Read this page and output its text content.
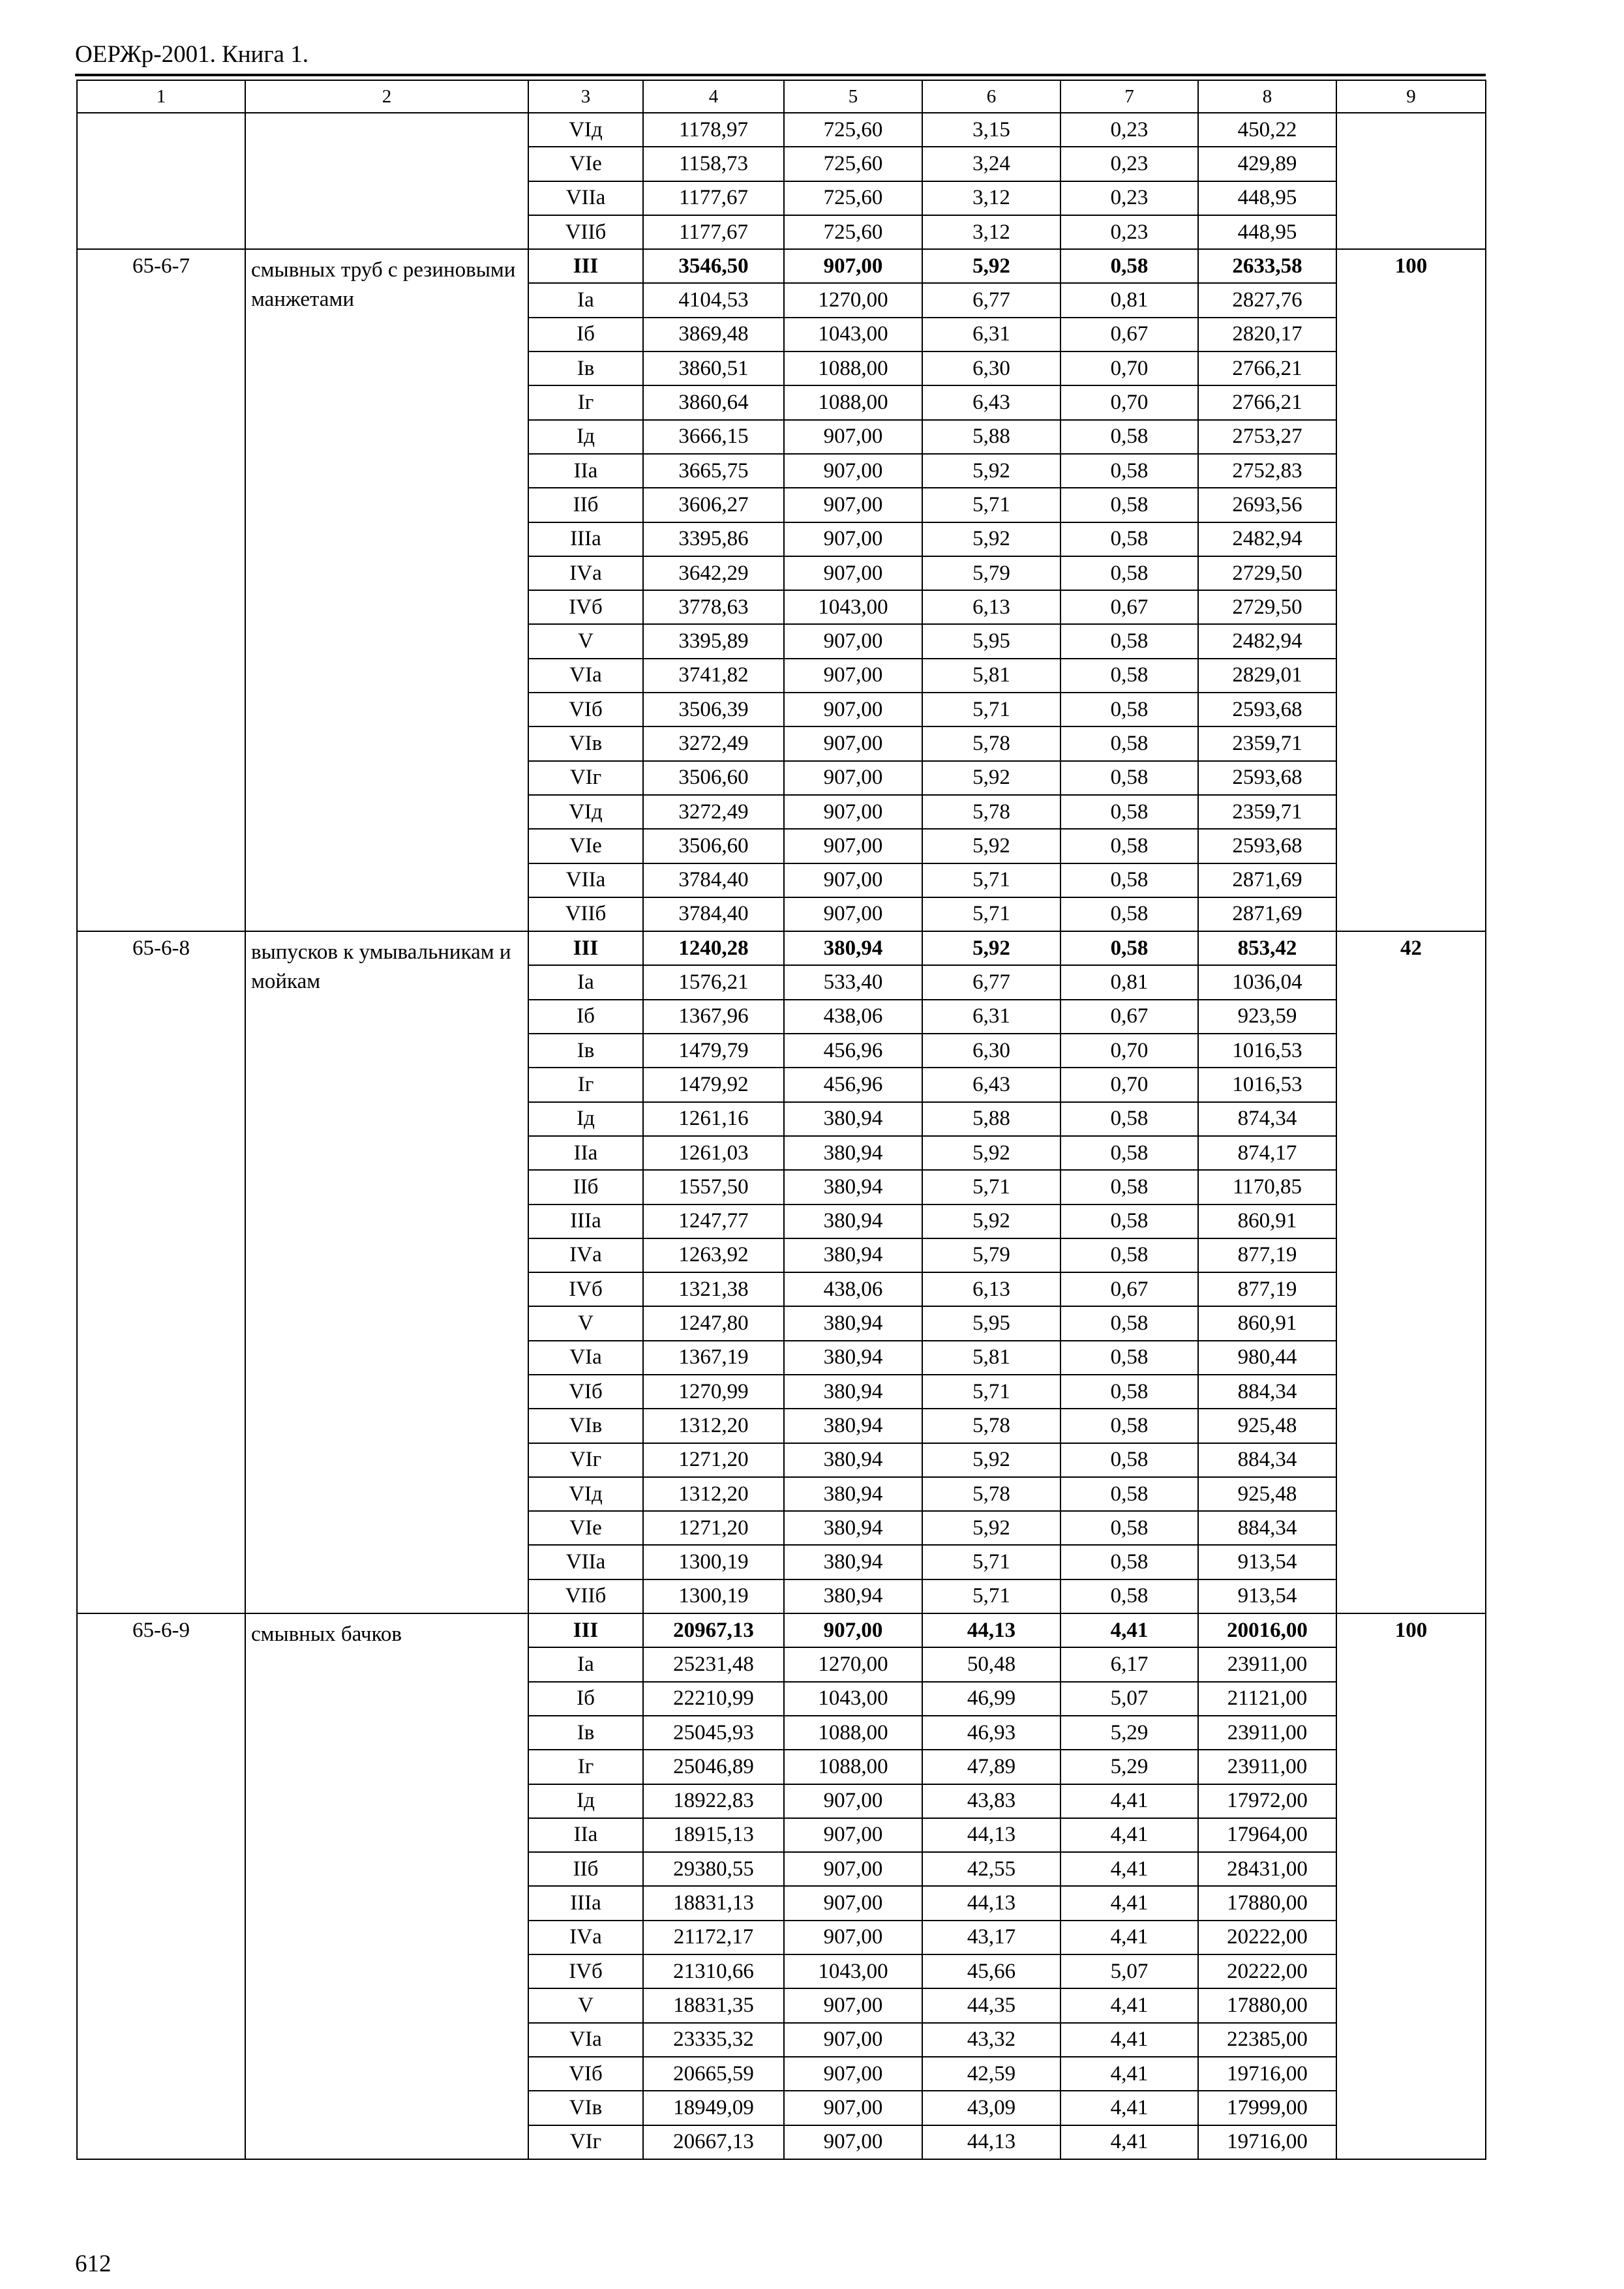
ОЕРЖр-2001. Книга 1.
1	2	3	4	5	6	7	8	9
		VIд	1178,97	725,60	3,15	0,23	450,22	
		VIе	1158,73	725,60	3,24	0,23	429,89	
		VIIа	1177,67	725,60	3,12	0,23	448,95	
		VIIб	1177,67	725,60	3,12	0,23	448,95	
65-6-7	смывных труб с резиновыми манжетами	III	3546,50	907,00	5,92	0,58	2633,58	100
		Iа	4104,53	1270,00	6,77	0,81	2827,76	
		Iб	3869,48	1043,00	6,31	0,67	2820,17	
		Iв	3860,51	1088,00	6,30	0,70	2766,21	
		Iг	3860,64	1088,00	6,43	0,70	2766,21	
		Iд	3666,15	907,00	5,88	0,58	2753,27	
		IIа	3665,75	907,00	5,92	0,58	2752,83	
		IIб	3606,27	907,00	5,71	0,58	2693,56	
		IIIа	3395,86	907,00	5,92	0,58	2482,94	
		IVа	3642,29	907,00	5,79	0,58	2729,50	
		IVб	3778,63	1043,00	6,13	0,67	2729,50	
		V	3395,89	907,00	5,95	0,58	2482,94	
		VIа	3741,82	907,00	5,81	0,58	2829,01	
		VIб	3506,39	907,00	5,71	0,58	2593,68	
		VIв	3272,49	907,00	5,78	0,58	2359,71	
		VIг	3506,60	907,00	5,92	0,58	2593,68	
		VIд	3272,49	907,00	5,78	0,58	2359,71	
		VIе	3506,60	907,00	5,92	0,58	2593,68	
		VIIа	3784,40	907,00	5,71	0,58	2871,69	
		VIIб	3784,40	907,00	5,71	0,58	2871,69	
65-6-8	выпусков к умывальникам и мойкам	III	1240,28	380,94	5,92	0,58	853,42	42
		Iа	1576,21	533,40	6,77	0,81	1036,04	
		Iб	1367,96	438,06	6,31	0,67	923,59	
		Iв	1479,79	456,96	6,30	0,70	1016,53	
		Iг	1479,92	456,96	6,43	0,70	1016,53	
		Iд	1261,16	380,94	5,88	0,58	874,34	
		IIа	1261,03	380,94	5,92	0,58	874,17	
		IIб	1557,50	380,94	5,71	0,58	1170,85	
		IIIа	1247,77	380,94	5,92	0,58	860,91	
		IVа	1263,92	380,94	5,79	0,58	877,19	
		IVб	1321,38	438,06	6,13	0,67	877,19	
		V	1247,80	380,94	5,95	0,58	860,91	
		VIа	1367,19	380,94	5,81	0,58	980,44	
		VIб	1270,99	380,94	5,71	0,58	884,34	
		VIв	1312,20	380,94	5,78	0,58	925,48	
		VIг	1271,20	380,94	5,92	0,58	884,34	
		VIд	1312,20	380,94	5,78	0,58	925,48	
		VIе	1271,20	380,94	5,92	0,58	884,34	
		VIIа	1300,19	380,94	5,71	0,58	913,54	
		VIIб	1300,19	380,94	5,71	0,58	913,54	
65-6-9	смывных бачков	III	20967,13	907,00	44,13	4,41	20016,00	100
		Iа	25231,48	1270,00	50,48	6,17	23911,00	
		Iб	22210,99	1043,00	46,99	5,07	21121,00	
		Iв	25045,93	1088,00	46,93	5,29	23911,00	
		Iг	25046,89	1088,00	47,89	5,29	23911,00	
		Iд	18922,83	907,00	43,83	4,41	17972,00	
		IIа	18915,13	907,00	44,13	4,41	17964,00	
		IIб	29380,55	907,00	42,55	4,41	28431,00	
		IIIа	18831,13	907,00	44,13	4,41	17880,00	
		IVа	21172,17	907,00	43,17	4,41	20222,00	
		IVб	21310,66	1043,00	45,66	5,07	20222,00	
		V	18831,35	907,00	44,35	4,41	17880,00	
		VIа	23335,32	907,00	43,32	4,41	22385,00	
		VIб	20665,59	907,00	42,59	4,41	19716,00	
		VIв	18949,09	907,00	43,09	4,41	17999,00	
		VIг	20667,13	907,00	44,13	4,41	19716,00	
612
